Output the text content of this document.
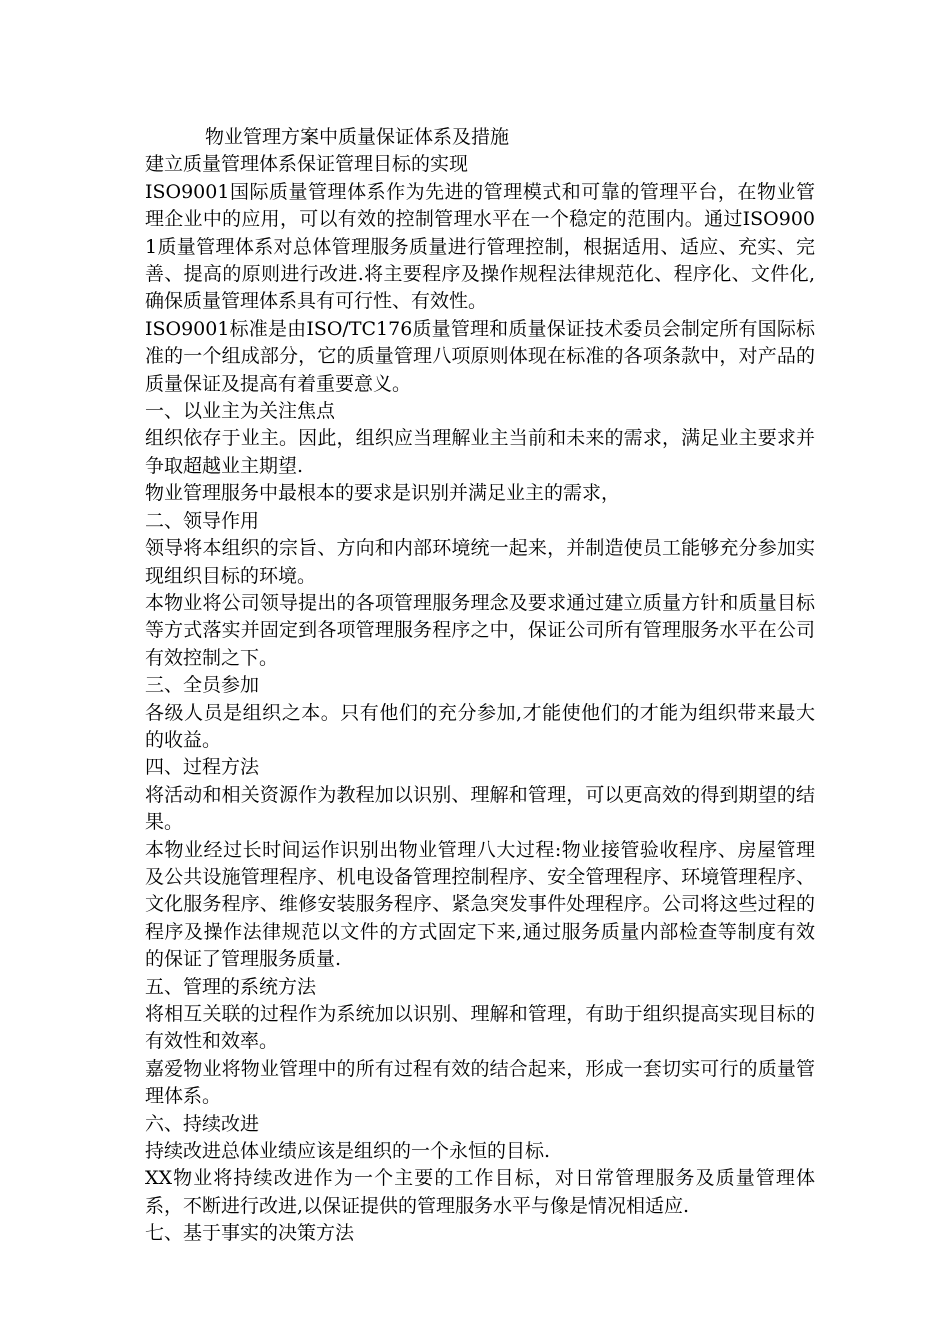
物业管理方案中质量保证体系及措施

建立质量管理体系保证管理目标的实现

ISO9001国际质量管理体系作为先进的管理模式和可靠的管理平台，在物业管理企业中的应用，可以有效的控制管理水平在一个稳定的范围内。通过ISO9001质量管理体系对总体管理服务质量进行管理控制，根据适用、适应、充实、完善、提高的原则进行改进.将主要程序及操作规程法律规范化、程序化、文件化,确保质量管理体系具有可行性、有效性。

ISO9001标准是由ISO/TC176质量管理和质量保证技术委员会制定所有国际标准的一个组成部分，它的质量管理八项原则体现在标准的各项条款中，对产品的质量保证及提高有着重要意义。

一、以业主为关注焦点

组织依存于业主。因此，组织应当理解业主当前和未来的需求，满足业主要求并争取超越业主期望.

物业管理服务中最根本的要求是识别并满足业主的需求，

二、领导作用

领导将本组织的宗旨、方向和内部环境统一起来，并制造使员工能够充分参加实现组织目标的环境。

本物业将公司领导提出的各项管理服务理念及要求通过建立质量方针和质量目标等方式落实并固定到各项管理服务程序之中，保证公司所有管理服务水平在公司有效控制之下。

三、全员参加

各级人员是组织之本。只有他们的充分参加,才能使他们的才能为组织带来最大的收益。

四、过程方法

将活动和相关资源作为教程加以识别、理解和管理，可以更高效的得到期望的结果。

本物业经过长时间运作识别出物业管理八大过程:物业接管验收程序、房屋管理及公共设施管理程序、机电设备管理控制程序、安全管理程序、环境管理程序、文化服务程序、维修安装服务程序、紧急突发事件处理程序。公司将这些过程的程序及操作法律规范以文件的方式固定下来,通过服务质量内部检查等制度有效的保证了管理服务质量.

五、管理的系统方法

将相互关联的过程作为系统加以识别、理解和管理，有助于组织提高实现目标的有效性和效率。

嘉爱物业将物业管理中的所有过程有效的结合起来，形成一套切实可行的质量管理体系。

六、持续改进

持续改进总体业绩应该是组织的一个永恒的目标.

XX物业将持续改进作为一个主要的工作目标，对日常管理服务及质量管理体系，不断进行改进,以保证提供的管理服务水平与像是情况相适应.

七、基于事实的决策方法
